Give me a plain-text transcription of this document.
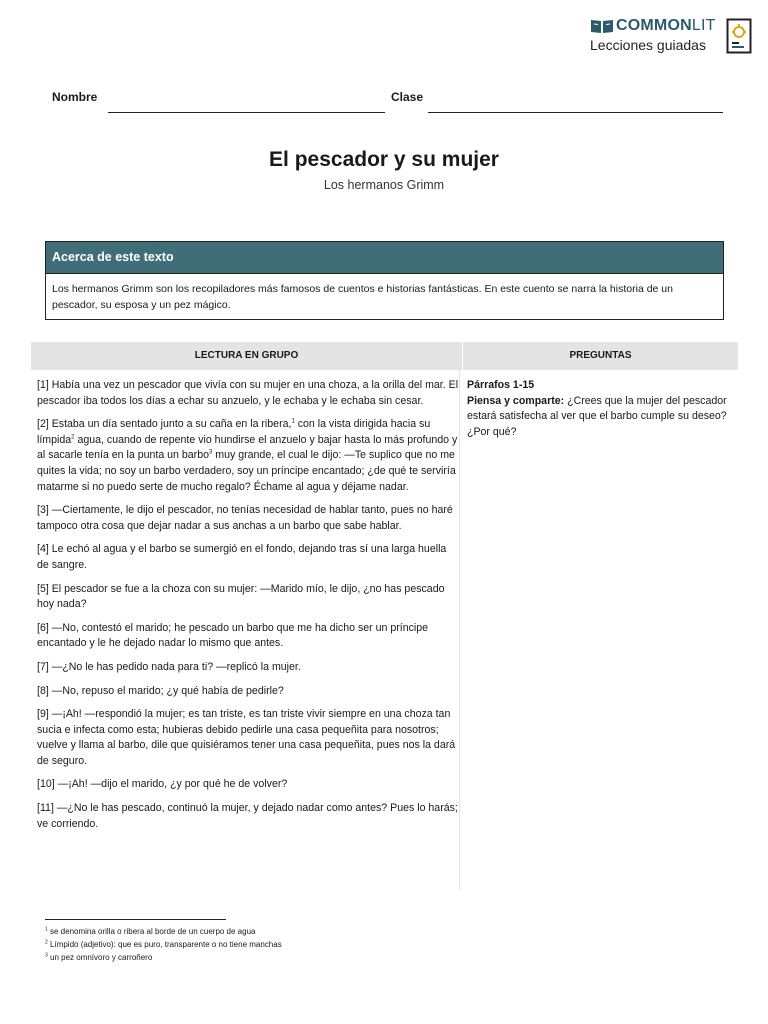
COMMONLIT
Lecciones guiadas
Nombre	Clase
El pescador y su mujer
Los hermanos Grimm
Acerca de este texto
Los hermanos Grimm son los recopiladores más famosos de cuentos e historias fantásticas. En este cuento se narra la historia de un pescador, su esposa y un pez mágico.
LECTURA EN GRUPO	PREGUNTAS

[1] Había una vez un pescador que vivía con su mujer en una choza, a la orilla del mar. El pescador iba todos los días a echar su anzuelo, y le echaba y le echaba sin cesar.

[2] Estaba un día sentado junto a su caña en la ribera,$^1$ con la vista dirigida hacia su límpida$^2$ agua, cuando de repente vio hundirse el anzuelo y bajar hasta lo más profundo y al sacarle tenía en la punta un barbo$^3$ muy grande, el cual le dijo: —Te suplico que no me quites la vida; no soy un barbo verdadero, soy un príncipe encantado; ¿de qué te serviría matarme si no puedo serte de mucho regalo? Échame al agua y déjame nadar.

[3] —Ciertamente, le dijo el pescador, no tenías necesidad de hablar tanto, pues no haré tampoco otra cosa que dejar nadar a sus anchas a un barbo que sabe hablar.

[4] Le echó al agua y el barbo se sumergió en el fondo, dejando tras sí una larga huella de sangre.

[5] El pescador se fue a la choza con su mujer: —Marido mío, le dijo, ¿no has pescado hoy nada?

[6] —No, contestó el marido; he pescado un barbo que me ha dicho ser un príncipe encantado y le he dejado nadar lo mismo que antes.

[7] —¿No le has pedido nada para ti? —replicó la mujer.

[8] —No, repuso el marido; ¿y qué había de pedirle?

[9] —¡Ah! —respondió la mujer; es tan triste, es tan triste vivir siempre en una choza tan sucia e infecta como esta; hubieras debido pedirle una casa pequeñita para nosotros; vuelve y llama al barbo, dile que quisiéramos tener una casa pequeñita, pues nos la dará de seguro.

[10] —¡Ah! —dijo el marido, ¿y por qué he de volver?

[11] —¿No le has pescado, continuó la mujer, y dejado nadar como antes? Pues lo harás; ve corriendo.

Párrafos 1-15
Piensa y comparte: ¿Crees que la mujer del pescador estará satisfecha al ver que el barbo cumple su deseo? ¿Por qué?
$^1$ se denomina orilla o ribera al borde de un cuerpo de agua
$^2$ Límpido (adjetivo): que es puro, transparente o no tiene manchas
$^3$ un pez omnívoro y carroñero
